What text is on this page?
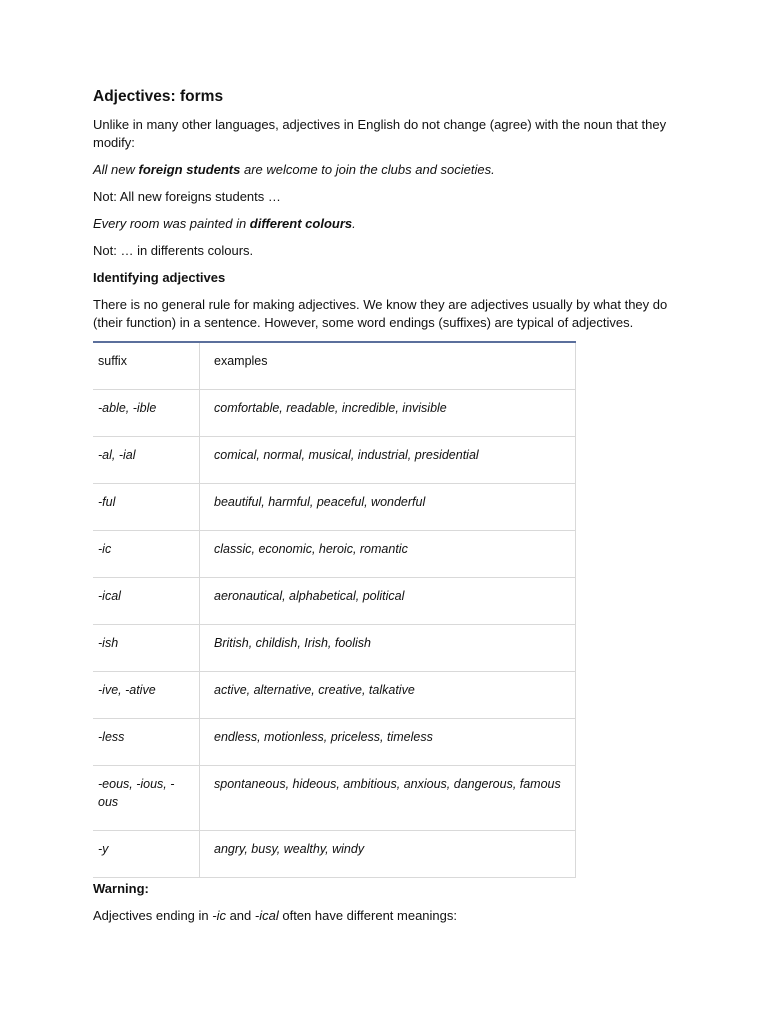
Adjectives: forms

Unlike in many other languages, adjectives in English do not change (agree) with the noun that they modify:

All new foreign students are welcome to join the clubs and societies.

Not: All new foreigns students …

Every room was painted in different colours.

Not: … in differents colours.

Identifying adjectives

There is no general rule for making adjectives. We know they are adjectives usually by what they do (their function) in a sentence. However, some word endings (suffixes) are typical of adjectives.

suffix	examples
-able, -ible	comfortable, readable, incredible, invisible
-al, -ial	comical, normal, musical, industrial, presidential
-ful	beautiful, harmful, peaceful, wonderful
-ic	classic, economic, heroic, romantic
-ical	aeronautical, alphabetical, political
-ish	British, childish, Irish, foolish
-ive, -ative	active, alternative, creative, talkative
-less	endless, motionless, priceless, timeless
-eous, -ious, -ous	spontaneous, hideous, ambitious, anxious, dangerous, famous
-y	angry, busy, wealthy, windy
Warning:

Adjectives ending in -ic and -ical often have different meanings:
